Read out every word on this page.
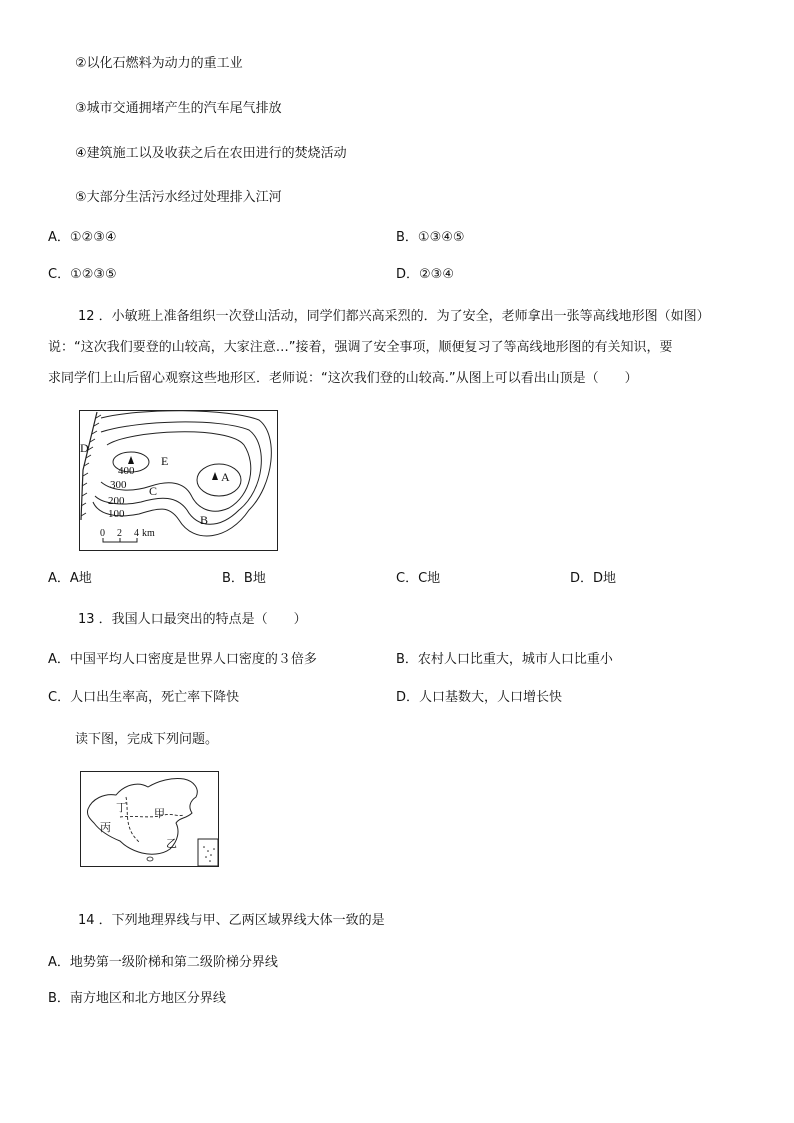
②以化石燃料为动力的重工业
③城市交通拥堵产生的汽车尾气排放
④建筑施工以及收获之后在农田进行的焚烧活动
⑤大部分生活污水经过处理排入江河
A．①②③④	B．①③④⑤
C．①②③⑤	D．②③④
12 ．小敏班上准备组织一次登山活动，同学们都兴高采烈的．为了安全，老师拿出一张等高线地形图（如图）
说：“这次我们要登的山较高，大家注意…”接着，强调了安全事项，顺便复习了等高线地形图的有关知识，要
求同学们上山后留心观察这些地形区．老师说：“这次我们登的山较高.”从图上可以看出山顶是（　　）
400
300
200
100
A
B
C
D
E
0 2 4 km
A．A地	B．B地	C．C地	D．D地
13 ．我国人口最突出的特点是（　　）
A．中国平均人口密度是世界人口密度的３倍多	B．农村人口比重大，城市人口比重小
C．人口出生率高，死亡率下降快	D．人口基数大，人口增长快
读下图，完成下列问题。
丁 甲
丙
乙
14 ．下列地理界线与甲、乙两区域界线大体一致的是
A．地势第一级阶梯和第二级阶梯分界线
B．南方地区和北方地区分界线
